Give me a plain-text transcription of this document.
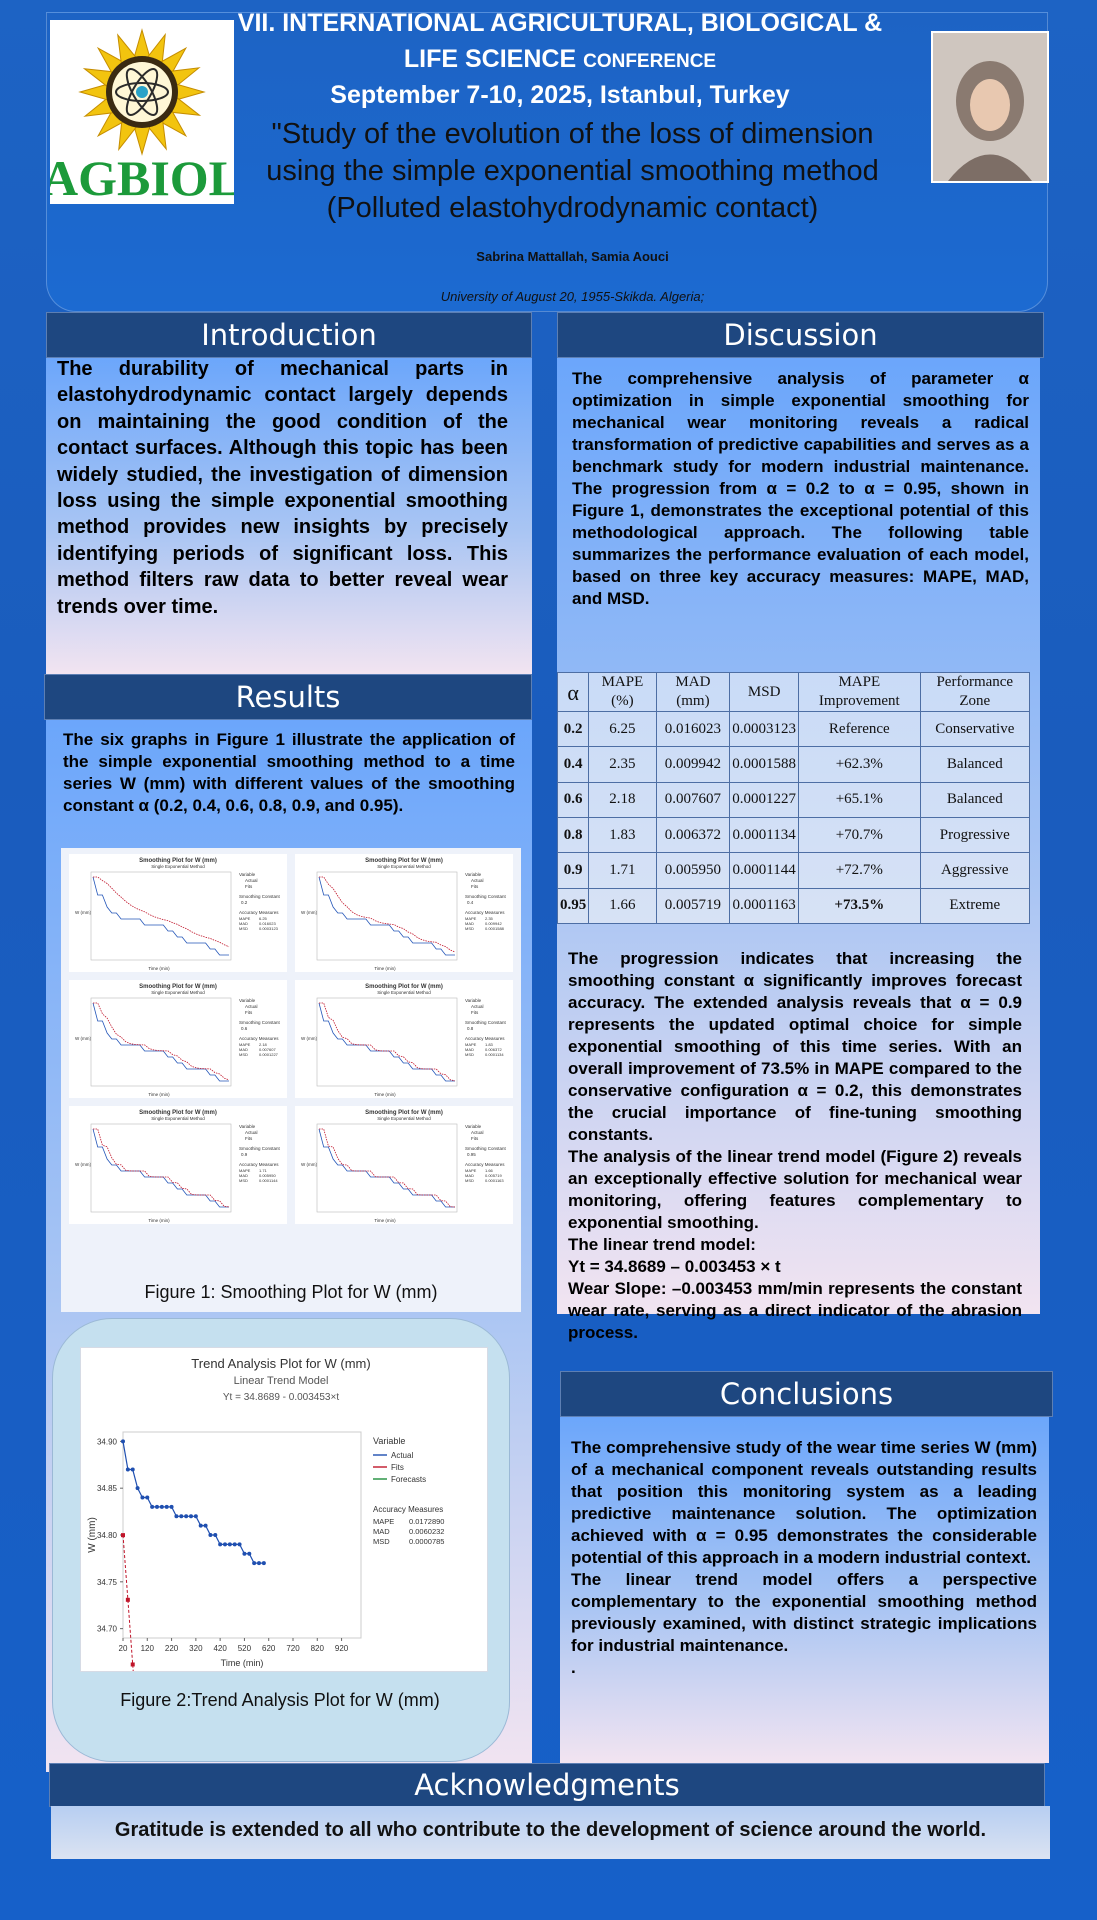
AGBIOL
VII. INTERNATIONAL AGRICULTURAL, BIOLOGICAL &
LIFE SCIENCE CONFERENCE
September 7-10, 2025, Istanbul, Turkey
"Study of the evolution of the loss of dimension using the simple exponential smoothing method (Polluted elastohydrodynamic contact)
Sabrina Mattallah, Samia Aouci
University of August 20, 1955-Skikda. Algeria;
Introduction
The durability of mechanical parts in elastohydrodynamic contact largely depends on maintaining the good condition of the contact surfaces. Although this topic has been widely studied, the investigation of dimension loss using the simple exponential smoothing method provides new insights by precisely identifying periods of significant loss. This method filters raw data to better reveal wear trends over time.
Results
The six graphs in Figure 1 illustrate the application of the simple exponential smoothing method to a time series W (mm) with different values of the smoothing constant α (0.2, 0.4, 0.6, 0.8, 0.9, and 0.95).
Smoothing Plot for W (mm)
Single Exponential Method
W (mm)
Time (min)
Variable
Actual
Fits
Smoothing Constant
0.2
Accuracy Measures
MAPE 6.25
MAD	0.016023
MSD	0.0003123
Smoothing Plot for W (mm)
Single Exponential Method
W (mm)
Time (min)
Variable
Actual
Fits
Smoothing Constant
0.4
Accuracy Measures
MAPE 2.35
MAD	0.009942
MSD	0.0001588
Smoothing Plot for W (mm)
Single Exponential Method
W (mm)
Time (min)
Variable
Actual
Fits
Smoothing Constant
0.6
Accuracy Measures
MAPE 2.18
MAD	0.007607
MSD	0.0001227
Smoothing Plot for W (mm)
Single Exponential Method
W (mm)
Time (min)
Variable
Actual
Fits
Smoothing Constant
0.8
Accuracy Measures
MAPE 1.83
MAD	0.006372
MSD	0.0001134
Smoothing Plot for W (mm)
Single Exponential Method
W (mm)
Time (min)
Variable
Actual
Fits
Smoothing Constant
0.9
Accuracy Measures
MAPE 1.71
MAD	0.005950
MSD	0.0001144
Smoothing Plot for W (mm)
Single Exponential Method
W (mm)
Time (min)
Variable
Actual
Fits
Smoothing Constant
0.95
Accuracy Measures
MAPE 1.66
MAD	0.005719
MSD	0.0001163
Figure 1: Smoothing Plot for W (mm)
Trend Analysis Plot for W (mm)
Linear Trend Model
Yt = 34.8689 - 0.003453×t
34.70
34.75
34.80
34.85
34.90
20 120 220 320 420 520 620 720 820 920
Time (min)
W (mm)
Variable
Actual
Fits
Forecasts
Accuracy Measures
MAPE 0.0172890
MAD	0.0060232
MSD	0.0000785
Figure 2:Trend Analysis Plot for W (mm)
Discussion
The comprehensive analysis of parameter α optimization in simple exponential smoothing for mechanical wear monitoring reveals a radical transformation of predictive capabilities and serves as a benchmark study for modern industrial maintenance. The progression from α = 0.2 to α = 0.95, shown in Figure 1, demonstrates the exceptional potential of this methodological approach. The following table summarizes the performance evaluation of each model, based on three key accuracy measures: MAPE, MAD, and MSD.
α	MAPE (%)	MAD (mm)	MSD	MAPE Improvement	Performance Zone
0.2	6.25	0.016023	0.0003123	Reference	Conservative
0.4	2.35	0.009942	0.0001588	+62.3%	Balanced
0.6	2.18	0.007607	0.0001227	+65.1%	Balanced
0.8	1.83	0.006372	0.0001134	+70.7%	Progressive
0.9	1.71	0.005950	0.0001144	+72.7%	Aggressive
0.95	1.66	0.005719	0.0001163	+73.5%	Extreme

The progression indicates that increasing the smoothing constant α significantly improves forecast accuracy. The extended analysis reveals that α = 0.9 represents the updated optimal choice for simple exponential smoothing of this time series. With an overall improvement of 73.5% in MAPE compared to the conservative configuration α = 0.2, this demonstrates the crucial importance of fine-tuning smoothing constants.

The analysis of the linear trend model (Figure 2) reveals an exceptionally effective solution for mechanical wear monitoring, offering features complementary to exponential smoothing.

The linear trend model:

Yt = 34.8689 – 0.003453 × t

Wear Slope: –0.003453 mm/min represents the constant wear rate, serving as a direct indicator of the abrasion process.

Conclusions

The comprehensive study of the wear time series W (mm) of a mechanical component reveals outstanding results that position this monitoring system as a leading predictive maintenance solution. The optimization achieved with α = 0.95 demonstrates the considerable potential of this approach in a modern industrial context.

The linear trend model offers a perspective complementary to the exponential smoothing method previously examined, with distinct strategic implications for industrial maintenance.

.

Acknowledgments
Gratitude is extended to all who contribute to the development of science around the world.
